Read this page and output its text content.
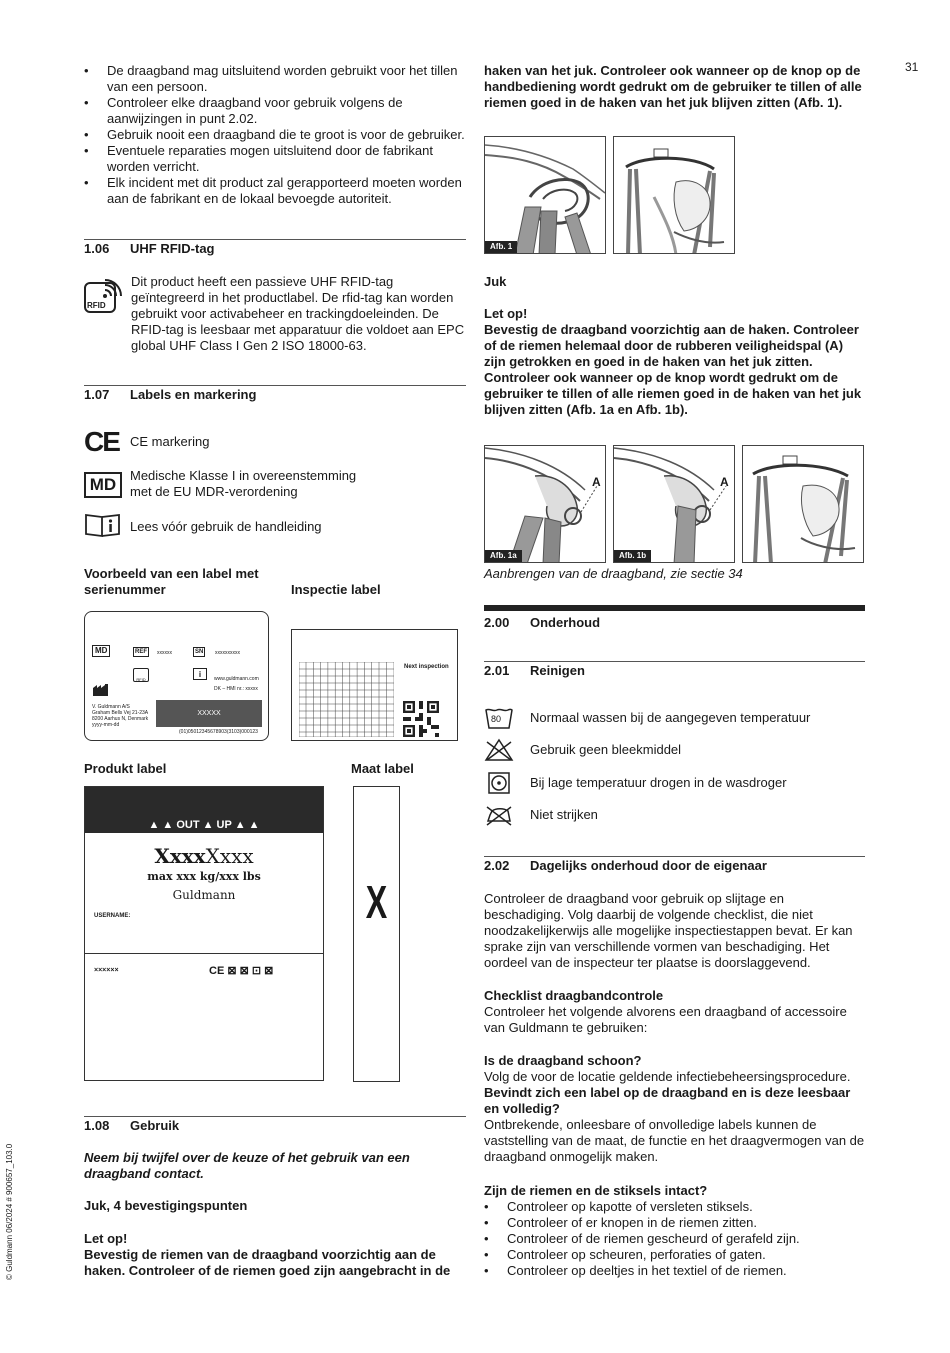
31
© Guldmann 06/2024 # 900657_103.0
• De draagband mag uitsluitend worden gebruikt voor het tillen van een persoon.
• Controleer elke draagband voor gebruik volgens de aanwijzingen in punt 2.02.
• Gebruik nooit een draagband die te groot is voor de gebruiker.
• Eventuele reparaties mogen uitsluitend door de fabrikant worden verricht.
• Elk incident met dit product zal gerapporteerd moeten worden aan de fabrikant en de lokaal bevoegde autoriteit.
1.06 UHF RFID-tag
RFID
Dit product heeft een passieve UHF RFID-tag geïntegreerd in het productlabel. De rfid-tag kan worden gebruikt voor activabeheer en trackingdoeleinden. De RFID-tag is leesbaar met apparatuur die voldoet aan EPC global UHF Class I Gen 2 ISO 18000-63.
1.07 Labels en markering
CE CE markering
MD	Medische Klasse I in overeenstemming met de EU MDR-verordening
Lees vóór gebruik de handleiding
Voorbeeld van een label met serienummer	Inspectie label
MD	REF	xxxxxx	SN	xxxxxxxxxx
RFID
i	www.guldmann.com
DK – HMI nr.: xxxxx
V. Guldmann A/S
Graham Bells Vej 21-23A
8200 Aarhus N, Denmark
yyyy-mm-dd
XXXXX
(01)05012345678903(3103)000123
Next inspection
Produkt label	Maat label
▲ ▲ OUT ▲ UP ▲ ▲
XxxxXxxx
max xxx kg/xxx lbs
Guldmann
USERNAME:
××××××	CE ⊠ ⊠ ⊡ ⊠
X
1.08 Gebruik
Neem bij twijfel over de keuze of het gebruik van een draagband contact.
Juk, 4 bevestigingspunten
Let op!
Bevestig de riemen van de draagband voorzichtig aan de haken. Controleer of de riemen goed zijn aangebracht in de
haken van het juk. Controleer ook wanneer op de knop op de handbediening wordt gedrukt om de gebruiker te tillen of alle riemen goed in de haken van het juk blijven zitten (Afb. 1).
Afb. 1
Juk
Let op!
Bevestig de draagband voorzichtig aan de haken. Controleer of de riemen helemaal door de rubberen veiligheidspal (A) zijn getrokken en goed in de haken van het juk zitten. Controleer ook wanneer op de knop wordt gedrukt om de gebruiker te tillen of alle riemen goed in de haken van het juk blijven zitten (Afb. 1a en Afb. 1b).
A
Afb. 1a
A
Afb. 1b
Aanbrengen van de draagband, zie sectie 34
2.00 Onderhoud
2.01 Reinigen
80 Normaal wassen bij de aangegeven temperatuur
Gebruik geen bleekmiddel
Bij lage temperatuur drogen in de wasdroger
Niet strijken
2.02 Dagelijks onderhoud door de eigenaar
Controleer de draagband voor gebruik op slijtage en beschadiging. Volg daarbij de volgende checklist, die niet noodzakelijkerwijs alle mogelijke inspectiestappen bevat. Er kan sprake zijn van verschillende vormen van beschadiging. Het oordeel van de inspecteur ter plaatse is doorslaggevend.
Checklist draagbandcontrole
Controleer het volgende alvorens een draagband of accessoire van Guldmann te gebruiken:
Is de draagband schoon?
Volg de voor de locatie geldende infectiebeheersingsprocedure.
Bevindt zich een label op de draagband en is deze leesbaar en volledig?
Ontbrekende, onleesbare of onvolledige labels kunnen de vaststelling van de maat, de functie en het draagvermogen van de draagband onmogelijk maken.
Zijn de riemen en de stiksels intact?
• Controleer op kapotte of versleten stiksels.
• Controleer of er knopen in de riemen zitten.
• Controleer of de riemen gescheurd of gerafeld zijn.
• Controleer op scheuren, perforaties of gaten.
• Controleer op deeltjes in het textiel of de riemen.
